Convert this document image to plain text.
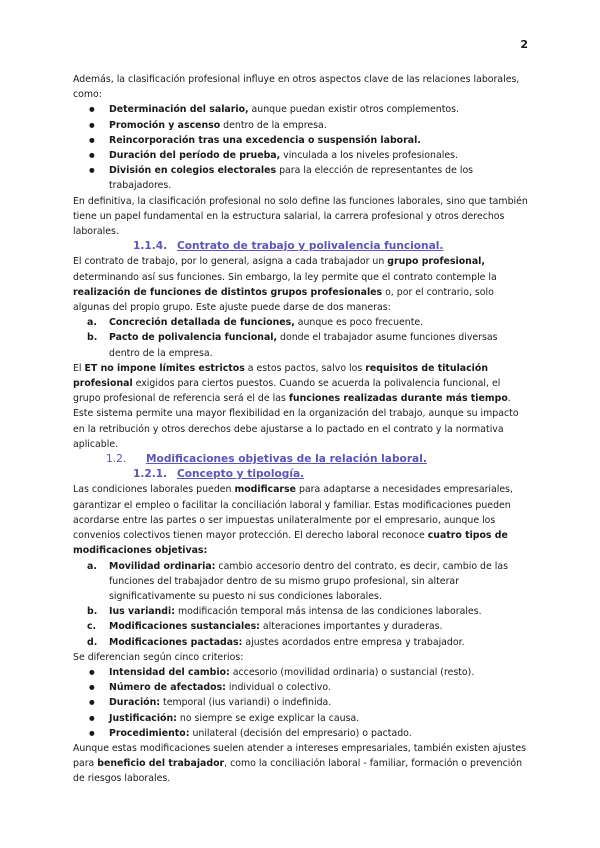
2

Además, la clasificación profesional influye en otros aspectos clave de las relaciones laborales, como:

● Determinación del salario, aunque puedan existir otros complementos.
● Promoción y ascenso dentro de la empresa.
● Reincorporación tras una excedencia o suspensión laboral.
● Duración del período de prueba, vinculada a los niveles profesionales.
● División en colegios electorales para la elección de representantes de los trabajadores.

En definitiva, la clasificación profesional no solo define las funciones laborales, sino que también tiene un papel fundamental en la estructura salarial, la carrera profesional y otros derechos laborales.

1.1.4. Contrato de trabajo y polivalencia funcional.

El contrato de trabajo, por lo general, asigna a cada trabajador un grupo profesional, determinando así sus funciones. Sin embargo, la ley permite que el contrato contemple la realización de funciones de distintos grupos profesionales o, por el contrario, solo algunas del propio grupo. Este ajuste puede darse de dos maneras:

a. Concreción detallada de funciones, aunque es poco frecuente.
b. Pacto de polivalencia funcional, donde el trabajador asume funciones diversas dentro de la empresa.

El ET no impone límites estrictos a estos pactos, salvo los requisitos de titulación profesional exigidos para ciertos puestos. Cuando se acuerda la polivalencia funcional, el grupo profesional de referencia será el de las funciones realizadas durante más tiempo. Este sistema permite una mayor flexibilidad en la organización del trabajo, aunque su impacto en la retribución y otros derechos debe ajustarse a lo pactado en el contrato y la normativa aplicable.

1.2. Modificaciones objetivas de la relación laboral.
1.2.1. Concepto y tipología.

Las condiciones laborales pueden modificarse para adaptarse a necesidades empresariales, garantizar el empleo o facilitar la conciliación laboral y familiar. Estas modificaciones pueden acordarse entre las partes o ser impuestas unilateralmente por el empresario, aunque los convenios colectivos tienen mayor protección. El derecho laboral reconoce cuatro tipos de modificaciones objetivas:

a. Movilidad ordinaria: cambio accesorio dentro del contrato, es decir, cambio de las funciones del trabajador dentro de su mismo grupo profesional, sin alterar significativamente su puesto ni sus condiciones laborales.
b. Ius variandi: modificación temporal más intensa de las condiciones laborales.
c. Modificaciones sustanciales: alteraciones importantes y duraderas.
d. Modificaciones pactadas: ajustes acordados entre empresa y trabajador.

Se diferencian según cinco criterios:

● Intensidad del cambio: accesorio (movilidad ordinaria) o sustancial (resto).
● Número de afectados: individual o colectivo.
● Duración: temporal (ius variandi) o indefinida.
● Justificación: no siempre se exige explicar la causa.
● Procedimiento: unilateral (decisión del empresario) o pactado.

Aunque estas modificaciones suelen atender a intereses empresariales, también existen ajustes para beneficio del trabajador, como la conciliación laboral - familiar, formación o prevención de riesgos laborales.
